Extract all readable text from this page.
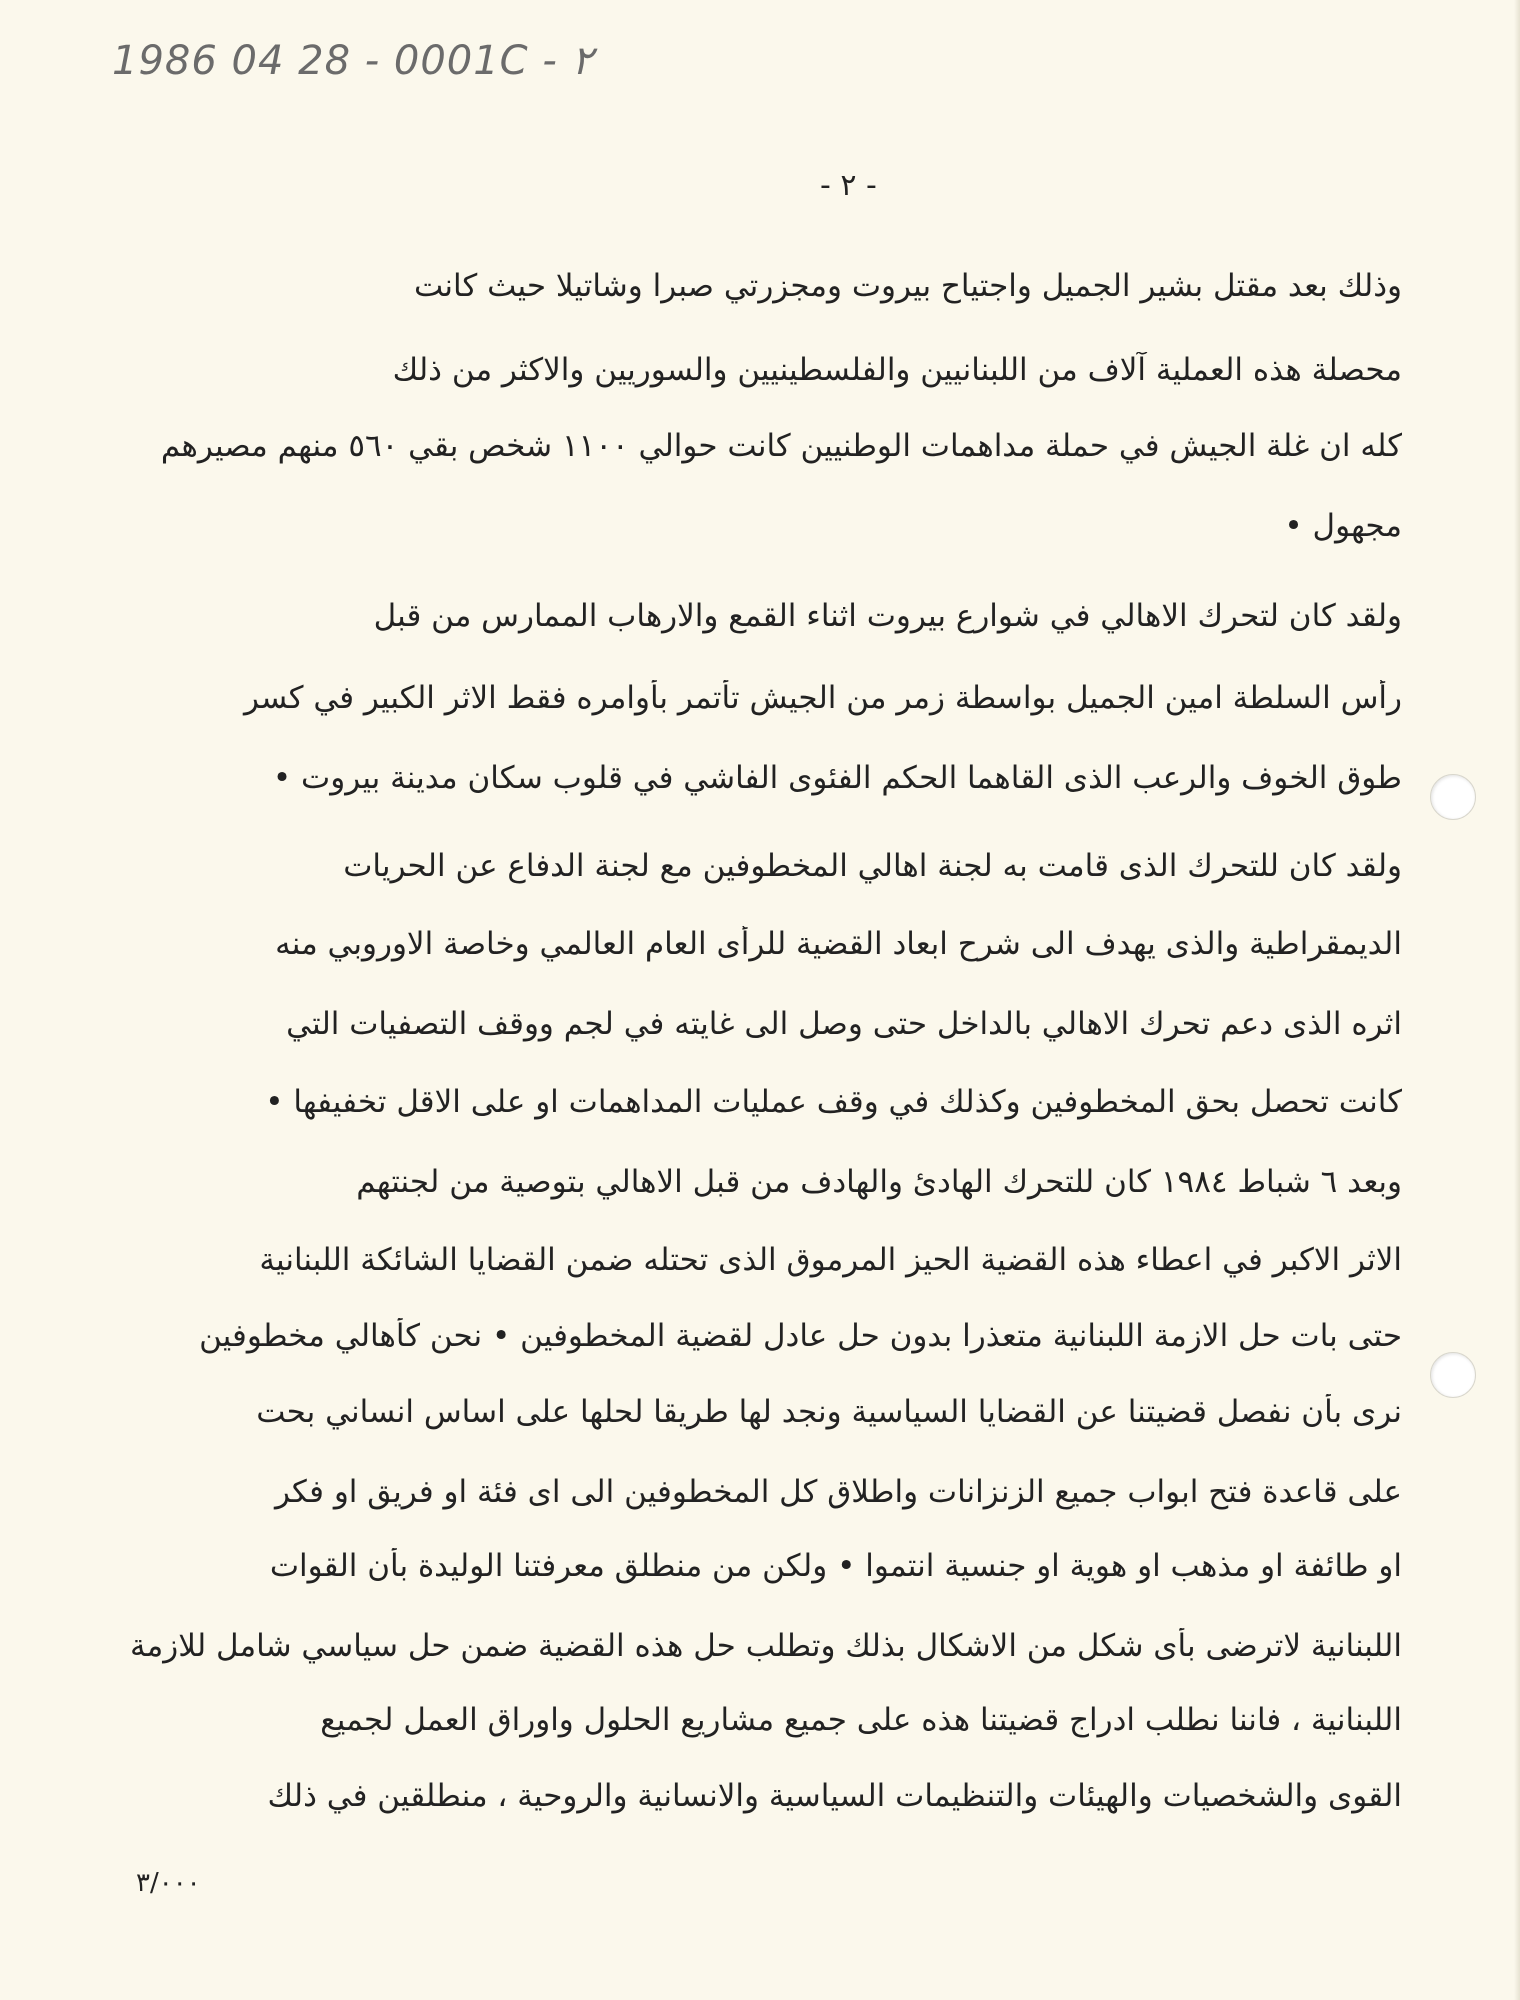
1986 04 28 - 0001C - ٢
- ٢ -
وذلك بعد مقتل بشير الجميل واجتياح بيروت ومجزرتي صبرا وشاتيلا حيث كانت
محصلة هذه العملية آلاف من اللبنانيين والفلسطينيين والسوريين والاكثر من ذلك
كله ان غلة الجيش في حملة مداهمات الوطنيين كانت حوالي ١١٠٠ شخص بقي ٥٦٠ منهم مصيرهم
مجهول •
ولقد كان لتحرك الاهالي في شوارع بيروت اثناء القمع والارهاب الممارس من قبل
رأس السلطة امين الجميل بواسطة زمر من الجيش تأتمر بأوامره فقط الاثر الكبير في كسر
طوق الخوف والرعب الذى القاهما الحكم الفئوى الفاشي في قلوب سكان مدينة بيروت •
ولقد كان للتحرك الذى قامت به لجنة اهالي المخطوفين مع لجنة الدفاع عن الحريات
الديمقراطية والذى يهدف الى شرح ابعاد القضية للرأى العام العالمي وخاصة الاوروبي منه
اثره الذى دعم تحرك الاهالي بالداخل حتى وصل الى غايته في لجم ووقف التصفيات التي
كانت تحصل بحق المخطوفين وكذلك في وقف عمليات المداهمات او على الاقل تخفيفها •
وبعد ٦ شباط ١٩٨٤ كان للتحرك الهادئ والهادف من قبل الاهالي بتوصية من لجنتهم
الاثر الاكبر في اعطاء هذه القضية الحيز المرموق الذى تحتله ضمن القضايا الشائكة اللبنانية
حتى بات حل الازمة اللبنانية متعذرا بدون حل عادل لقضية المخطوفين • نحن كأهالي مخطوفين
نرى بأن نفصل قضيتنا عن القضايا السياسية ونجد لها طريقا لحلها على اساس انساني بحت
على قاعدة فتح ابواب جميع الزنزانات واطلاق كل المخطوفين الى اى فئة او فريق او فكر
او طائفة او مذهب او هوية او جنسية انتموا • ولكن من منطلق معرفتنا الوليدة بأن القوات
اللبنانية لاترضى بأى شكل من الاشكال بذلك وتطلب حل هذه القضية ضمن حل سياسي شامل للازمة
اللبنانية ، فاننا نطلب ادراج قضيتنا هذه على جميع مشاريع الحلول واوراق العمل لجميع
القوى والشخصيات والهيئات والتنظيمات السياسية والانسانية والروحية ، منطلقين في ذلك
٣/٠٠٠
